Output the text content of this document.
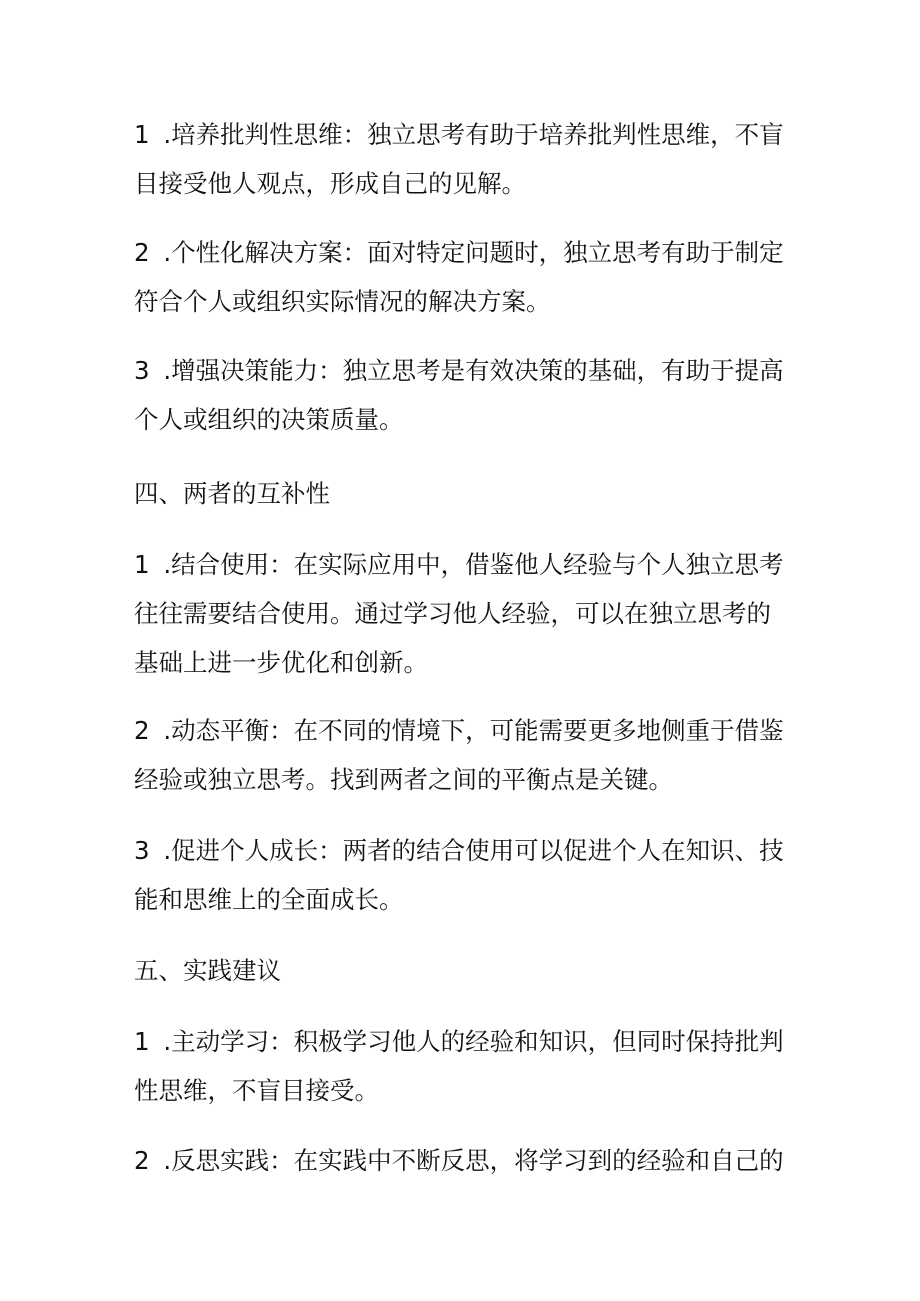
1 .培养批判性思维：独立思考有助于培养批判性思维，不盲目接受他人观点，形成自己的见解。

2 .个性化解决方案：面对特定问题时，独立思考有助于制定符合个人或组织实际情况的解决方案。

3 .增强决策能力：独立思考是有效决策的基础，有助于提高个人或组织的决策质量。

四、两者的互补性

1 .结合使用：在实际应用中，借鉴他人经验与个人独立思考往往需要结合使用。通过学习他人经验，可以在独立思考的基础上进一步优化和创新。

2 .动态平衡：在不同的情境下，可能需要更多地侧重于借鉴经验或独立思考。找到两者之间的平衡点是关键。

3 .促进个人成长：两者的结合使用可以促进个人在知识、技能和思维上的全面成长。

五、实践建议

1 .主动学习：积极学习他人的经验和知识，但同时保持批判性思维，不盲目接受。

2 .反思实践：在实践中不断反思，将学习到的经验和自己的
